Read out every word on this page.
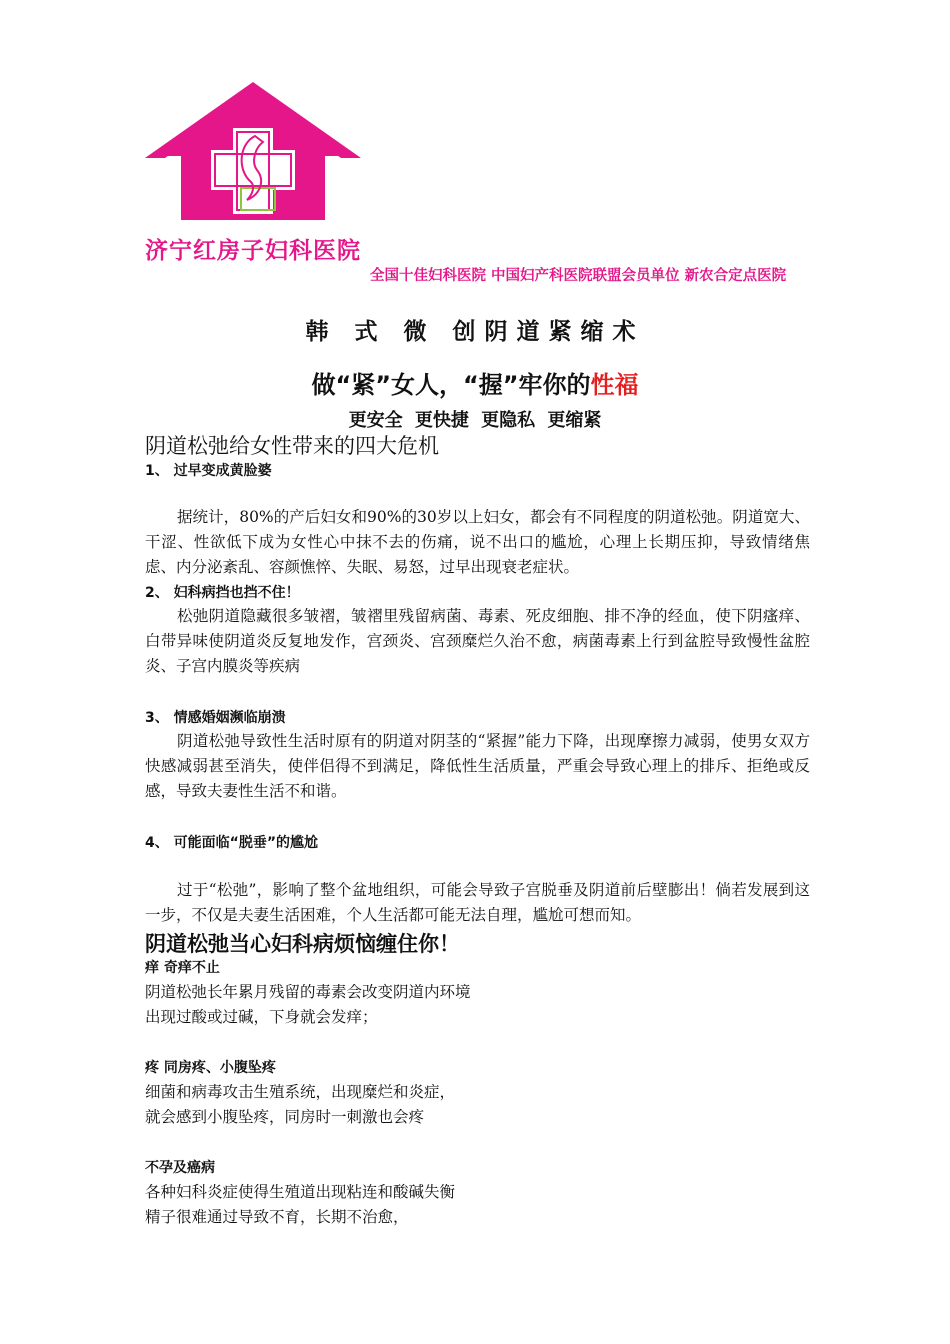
济宁红房子妇科医院
全国十佳妇科医院 中国妇产科医院联盟会员单位 新农合定点医院
韩 式 微 创阴道紧缩术
做“紧”女人，“握”牢你的性福
更安全 更快捷 更隐私 更缩紧
阴道松弛给女性带来的四大危机
1、 过早变成黄脸婆
据统计，80%的产后妇女和90%的30岁以上妇女，都会有不同程度的阴道松弛。阴道宽大、干涩、性欲低下成为女性心中抹不去的伤痛，说不出口的尴尬，心理上长期压抑，导致情绪焦虑、内分泌紊乱、容颜憔悴、失眠、易怒，过早出现衰老症状。
2、 妇科病挡也挡不住！
松弛阴道隐藏很多皱褶，皱褶里残留病菌、毒素、死皮细胞、排不净的经血，使下阴瘙痒、白带异味使阴道炎反复地发作，宫颈炎、宫颈糜烂久治不愈，病菌毒素上行到盆腔导致慢性盆腔炎、子宫内膜炎等疾病
3、 情感婚姻濒临崩溃
阴道松弛导致性生活时原有的阴道对阴茎的“紧握”能力下降，出现摩擦力减弱，使男女双方快感减弱甚至消失，使伴侣得不到满足，降低性生活质量，严重会导致心理上的排斥、拒绝或反感，导致夫妻性生活不和谐。
4、 可能面临“脱垂”的尴尬
过于“松弛”，影响了整个盆地组织，可能会导致子宫脱垂及阴道前后壁膨出！倘若发展到这一步，不仅是夫妻生活困难，个人生活都可能无法自理，尴尬可想而知。
阴道松弛当心妇科病烦恼缠住你！
痒 奇痒不止
阴道松弛长年累月残留的毒素会改变阴道内环境
出现过酸或过碱，下身就会发痒；
疼 同房疼、小腹坠疼
细菌和病毒攻击生殖系统，出现糜烂和炎症，
就会感到小腹坠疼，同房时一刺激也会疼
不孕及癌病
各种妇科炎症使得生殖道出现粘连和酸碱失衡
精子很难通过导致不育，长期不治愈，
